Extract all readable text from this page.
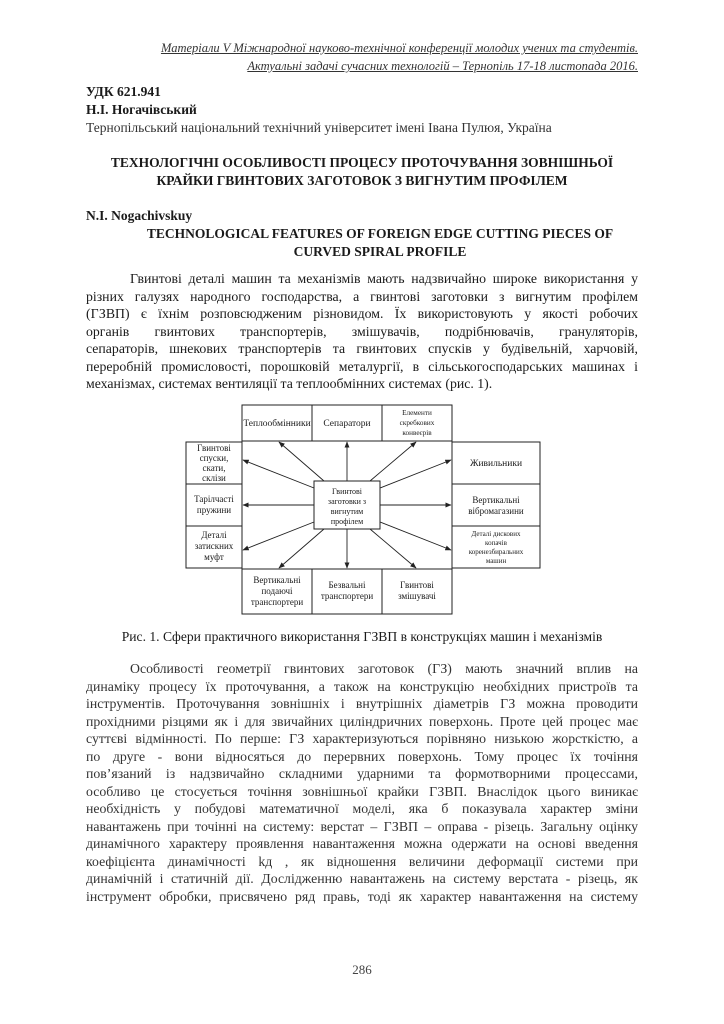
Матеріали V Міжнародної науково-технічної конференції молодих учених та студентів.
Актуальні задачі сучасних технологій – Тернопіль 17-18 листопада 2016.
УДК 621.941
Н.І. Ногачівський
Тернопільський національний технічний університет імені Івана Пулюя, Україна
ТЕХНОЛОГІЧНІ ОСОБЛИВОСТІ ПРОЦЕСУ ПРОТОЧУВАННЯ ЗОВНІШНЬОЇ
КРАЙКИ ГВИНТОВИХ ЗАГОТОВОК З ВИГНУТИМ ПРОФІЛЕМ
N.I. Nogachivskuy
TECHNOLOGICAL FEATURES OF FOREIGN EDGE CUTTING PIECES OF
CURVED SPIRAL PROFILE
Гвинтові деталі машин та механізмів мають надзвичайно широке використання у
різних галузях народного господарства, а гвинтові заготовки з вигнутим профілем
(ГЗВП) є їхнім розповсюдженим різновидом. Їх використовують у якості робочих
органів гвинтових транспортерів, змішувачів, подрібнювачів, грануляторів,
сепараторів, шнекових транспортерів та гвинтових спусків у будівельній, харчовій,
переробній промисловості, порошковій металургії, в сільськогосподарських машинах і
механізмах, системах вентиляції та теплообмінних системах (рис. 1).
Теплообмінники Сепаратори
Елементи
скребкових
конвеєрів
Гвинтові
спуски,
скати,
склізи
Тарілчасті
пружини
Деталі
затискних
муфт
Живильники
Вертикальні
вібромагазини
Деталі дискових
копачів
коренезбиральних
машин
Вертикальні
подаючі
транспортери
Безвальні
транспортери
Гвинтові
змішувачі
Гвинтові
заготовки з
вигнутим
профілем
Рис. 1. Сфери практичного використання ГЗВП в конструкціях машин і механізмів
Особливості геометрії гвинтових заготовок (ГЗ) мають значний вплив на
динаміку процесу їх проточування, а також на конструкцію необхідних пристроїв та
інструментів. Проточування зовнішніх і внутрішніх діаметрів ГЗ можна проводити
прохідними різцями як і для звичайних циліндричних поверхонь. Проте цей процес має
суттєві відмінності. По перше: ГЗ характеризуються порівняно низькою жорсткістю, а
по друге - вони відносяться до перервних поверхонь. Тому процес їх точіння
пов’язаний із надзвичайно складними ударними та формотворними процессами,
особливо це стосується точіння зовнішньої крайки ГЗВП. Внаслідок цього виникає
необхідність у побудові математичної моделі, яка б показувала характер зміни
навантажень при точінні на систему: верстат – ГЗВП – оправа - різець. Загальну оцінку
динамічного характеру проявлення навантаження можна одержати на основі введення
коефіцієнта динамічності kд , як відношення величини деформації системи при
динамічній і статичній дії. Дослідженню навантажень на систему верстата - різець, як
інструмент обробки, присвячено ряд правь, тоді як характер навантаження на систему
286
